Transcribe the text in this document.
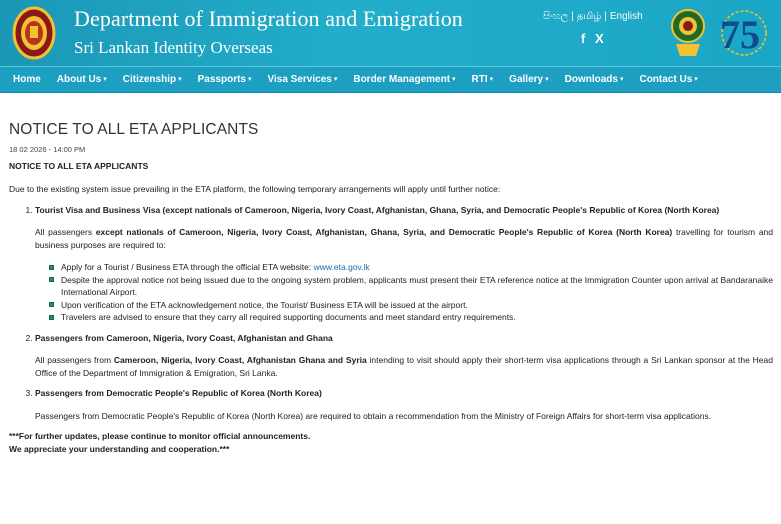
Department of Immigration and Emigration
Sri Lankan Identity Overseas
සිංහල | தமிழ் | English
f X	75
Home About Us ▾ Citizenship ▾ Passports ▾ Visa Services ▾ Border Management ▾ RTI ▾ Gallery ▾ Downloads ▾ Contact Us ▾
NOTICE TO ALL ETA APPLICANTS
18 02 2026 - 14:00 PM
NOTICE TO ALL ETA APPLICANTS

Due to the existing system issue prevailing in the ETA platform, the following temporary arrangements will apply until further notice:

1. Tourist Visa and Business Visa (except nationals of Cameroon, Nigeria, Ivory Coast, Afghanistan, Ghana, Syria, and Democratic People's Republic of Korea (North Korea)

All passengers except nationals of Cameroon, Nigeria, Ivory Coast, Afghanistan, Ghana, Syria, and Democratic People's Republic of Korea (North Korea) travelling for tourism and business purposes are required to:

Apply for a Tourist / Business ETA through the official ETA website: www.eta.gov.lk
Despite the approval notice not being issued due to the ongoing system problem, applicants must present their ETA reference notice at the Immigration Counter upon arrival at Bandaranaike International Airport.
Upon verification of the ETA acknowledgement notice, the Tourist/ Business ETA will be issued at the airport.
Travelers are advised to ensure that they carry all required supporting documents and meet standard entry requirements.
2. Passengers from Cameroon, Nigeria, Ivory Coast, Afghanistan and Ghana

All passengers from Cameroon, Nigeria, Ivory Coast, Afghanistan Ghana and Syria intending to visit should apply their short-term visa applications through a Sri Lankan sponsor at the Head Office of the Department of Immigration & Emigration, Sri Lanka.

3. Passengers from Democratic People's Republic of Korea (North Korea)

Passengers from Democratic People's Republic of Korea (North Korea) are required to obtain a recommendation from the Ministry of Foreign Affairs for short-term visa applications.

***For further updates, please continue to monitor official announcements.
We appreciate your understanding and cooperation.***
